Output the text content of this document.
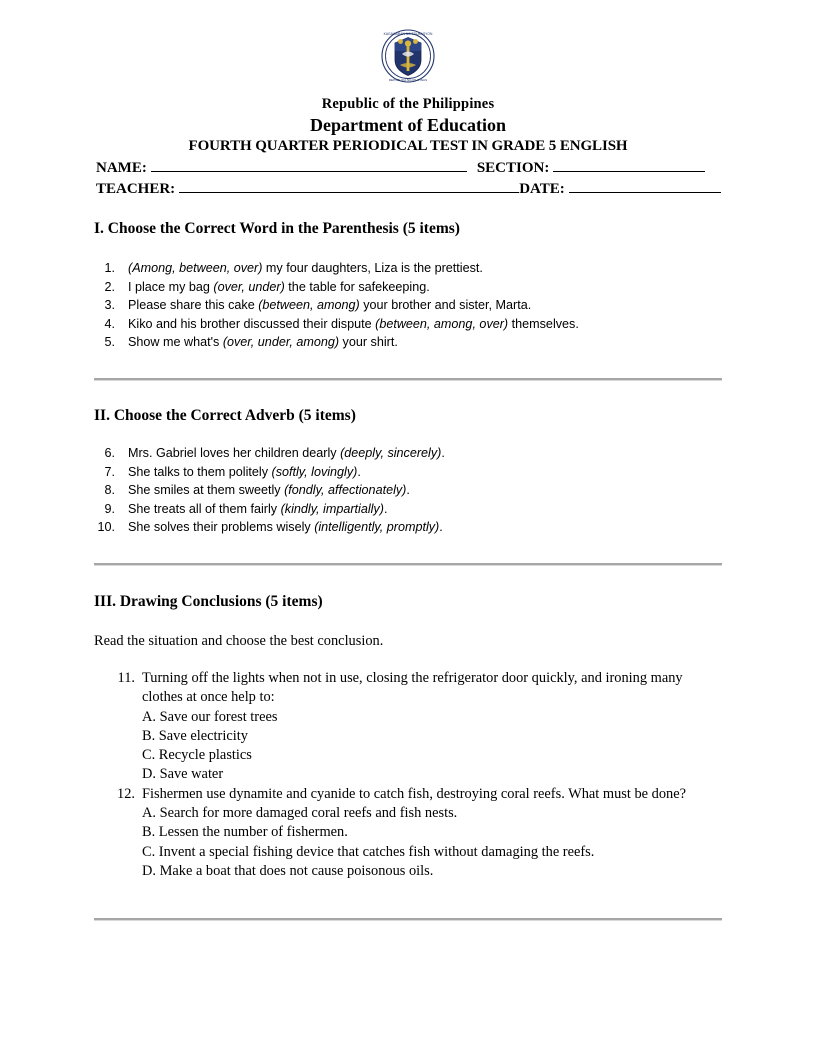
KAGAWARAN NG EDUKASYON
REPUBLIKA NG PILIPINAS
Republic of the Philippines
Department of Education
FOURTH QUARTER PERIODICAL TEST IN GRADE 5 ENGLISH
NAME:	SECTION:
TEACHER:	DATE:
I. Choose the Correct Word in the Parenthesis (5 items)
1.	(Among, between, over) my four daughters, Liza is the prettiest.
2.	I place my bag (over, under) the table for safekeeping.
3.	Please share this cake (between, among) your brother and sister, Marta.
4.	Kiko and his brother discussed their dispute (between, among, over) themselves.
5.	Show me what's (over, under, among) your shirt.
II. Choose the Correct Adverb (5 items)
6.	Mrs. Gabriel loves her children dearly (deeply, sincerely).
7.	She talks to them politely (softly, lovingly).
8.	She smiles at them sweetly (fondly, affectionately).
9.	She treats all of them fairly (kindly, impartially).
10.	She solves their problems wisely (intelligently, promptly).
III. Drawing Conclusions (5 items)
Read the situation and choose the best conclusion.
11. Turning off the lights when not in use, closing the refrigerator door quickly, and ironing many clothes at once help to:
A. Save our forest trees
B. Save electricity
C. Recycle plastics
D. Save water
12. Fishermen use dynamite and cyanide to catch fish, destroying coral reefs. What must be done?
A. Search for more damaged coral reefs and fish nests.
B. Lessen the number of fishermen.
C. Invent a special fishing device that catches fish without damaging the reefs.
D. Make a boat that does not cause poisonous oils.
